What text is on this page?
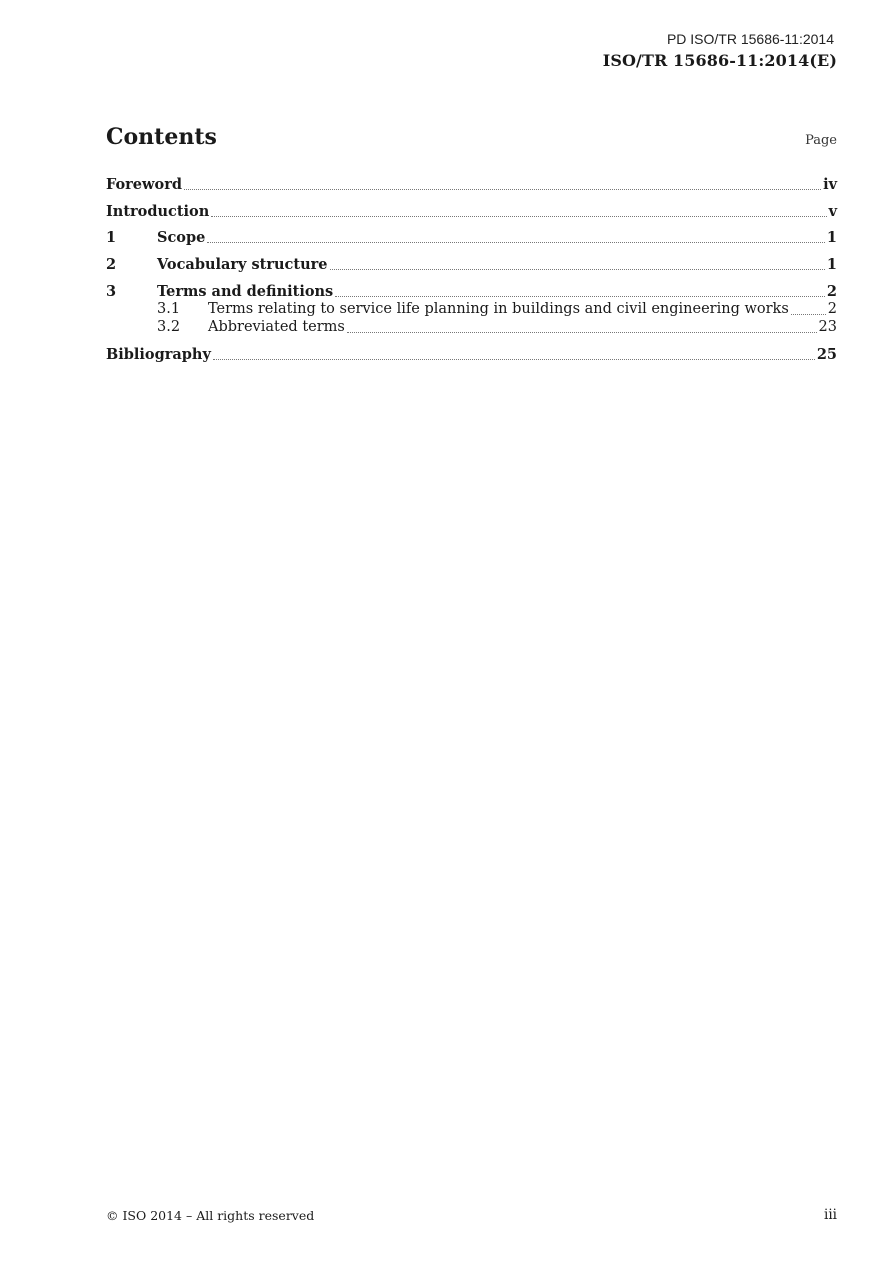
PD ISO/TR 15686-11:2014
ISO/TR 15686-11:2014(E)
Contents	Page
Foreword	iv
Introduction	v
1	Scope	1
2	Vocabulary structure	1
3	Terms and definitions	2
3.1	Terms relating to service life planning in buildings and civil engineering works	2
3.2	Abbreviated terms	23
Bibliography	25
© ISO 2014 – All rights reserved	iii
